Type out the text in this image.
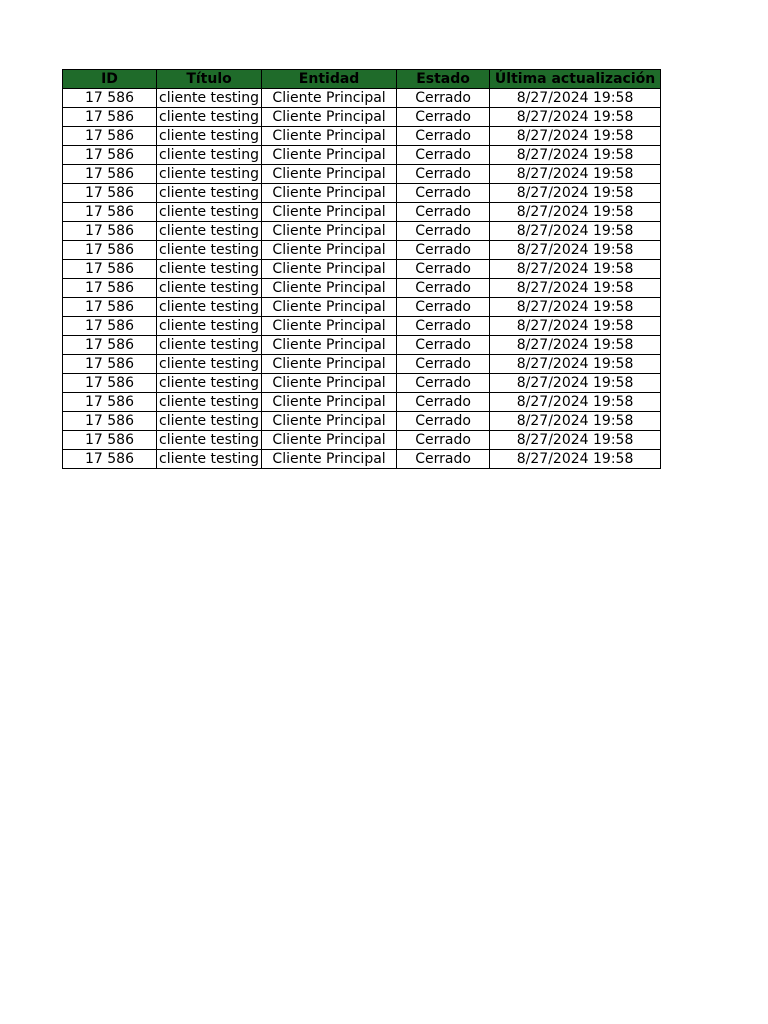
ID	Título	Entidad	Estado	Última actualización
17 586	cliente testing	Cliente Principal	Cerrado	8/27/2024 19:58
17 586	cliente testing	Cliente Principal	Cerrado	8/27/2024 19:58
17 586	cliente testing	Cliente Principal	Cerrado	8/27/2024 19:58
17 586	cliente testing	Cliente Principal	Cerrado	8/27/2024 19:58
17 586	cliente testing	Cliente Principal	Cerrado	8/27/2024 19:58
17 586	cliente testing	Cliente Principal	Cerrado	8/27/2024 19:58
17 586	cliente testing	Cliente Principal	Cerrado	8/27/2024 19:58
17 586	cliente testing	Cliente Principal	Cerrado	8/27/2024 19:58
17 586	cliente testing	Cliente Principal	Cerrado	8/27/2024 19:58
17 586	cliente testing	Cliente Principal	Cerrado	8/27/2024 19:58
17 586	cliente testing	Cliente Principal	Cerrado	8/27/2024 19:58
17 586	cliente testing	Cliente Principal	Cerrado	8/27/2024 19:58
17 586	cliente testing	Cliente Principal	Cerrado	8/27/2024 19:58
17 586	cliente testing	Cliente Principal	Cerrado	8/27/2024 19:58
17 586	cliente testing	Cliente Principal	Cerrado	8/27/2024 19:58
17 586	cliente testing	Cliente Principal	Cerrado	8/27/2024 19:58
17 586	cliente testing	Cliente Principal	Cerrado	8/27/2024 19:58
17 586	cliente testing	Cliente Principal	Cerrado	8/27/2024 19:58
17 586	cliente testing	Cliente Principal	Cerrado	8/27/2024 19:58
17 586	cliente testing	Cliente Principal	Cerrado	8/27/2024 19:58
